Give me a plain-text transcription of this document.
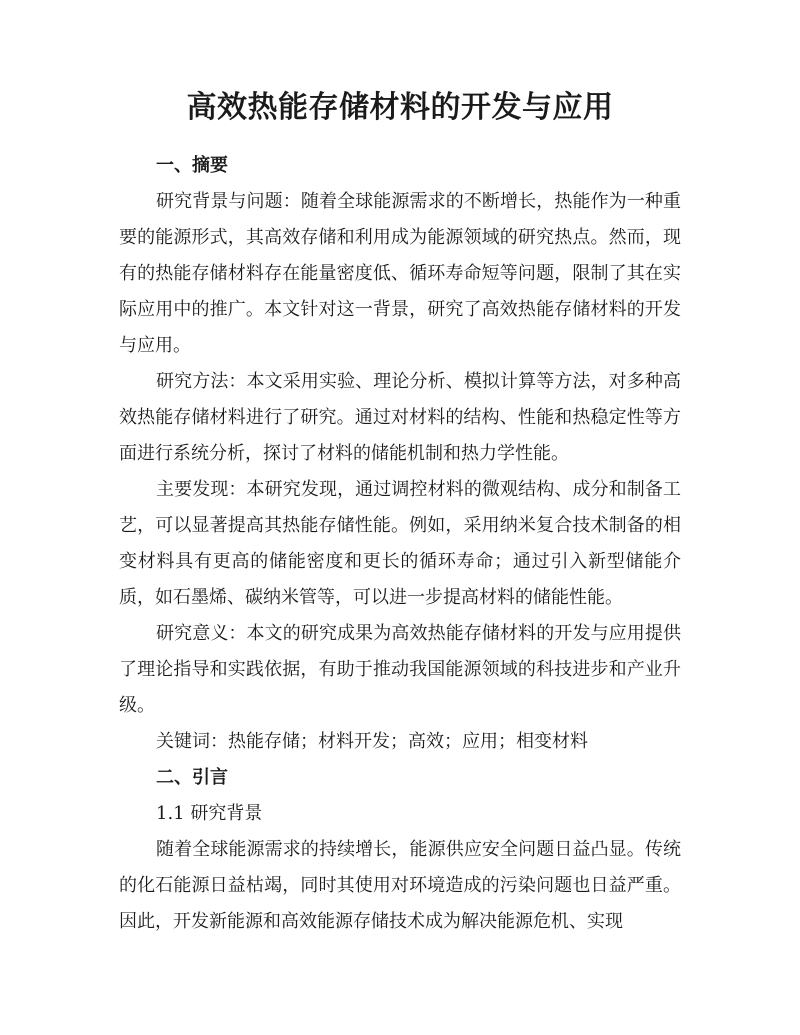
高效热能存储材料的开发与应用

一、摘要

研究背景与问题：随着全球能源需求的不断增长，热能作为一种重要的能源形式，其高效存储和利用成为能源领域的研究热点。然而，现有的热能存储材料存在能量密度低、循环寿命短等问题，限制了其在实际应用中的推广。本文针对这一背景，研究了高效热能存储材料的开发与应用。

研究方法：本文采用实验、理论分析、模拟计算等方法，对多种高效热能存储材料进行了研究。通过对材料的结构、性能和热稳定性等方面进行系统分析，探讨了材料的储能机制和热力学性能。

主要发现：本研究发现，通过调控材料的微观结构、成分和制备工艺，可以显著提高其热能存储性能。例如，采用纳米复合技术制备的相变材料具有更高的储能密度和更长的循环寿命；通过引入新型储能介质，如石墨烯、碳纳米管等，可以进一步提高材料的储能性能。

研究意义：本文的研究成果为高效热能存储材料的开发与应用提供了理论指导和实践依据，有助于推动我国能源领域的科技进步和产业升级。

关键词：热能存储；材料开发；高效；应用；相变材料

二、引言

1.1 研究背景

随着全球能源需求的持续增长，能源供应安全问题日益凸显。传统的化石能源日益枯竭，同时其使用对环境造成的污染问题也日益严重。因此，开发新能源和高效能源存储技术成为解决能源危机、实现
